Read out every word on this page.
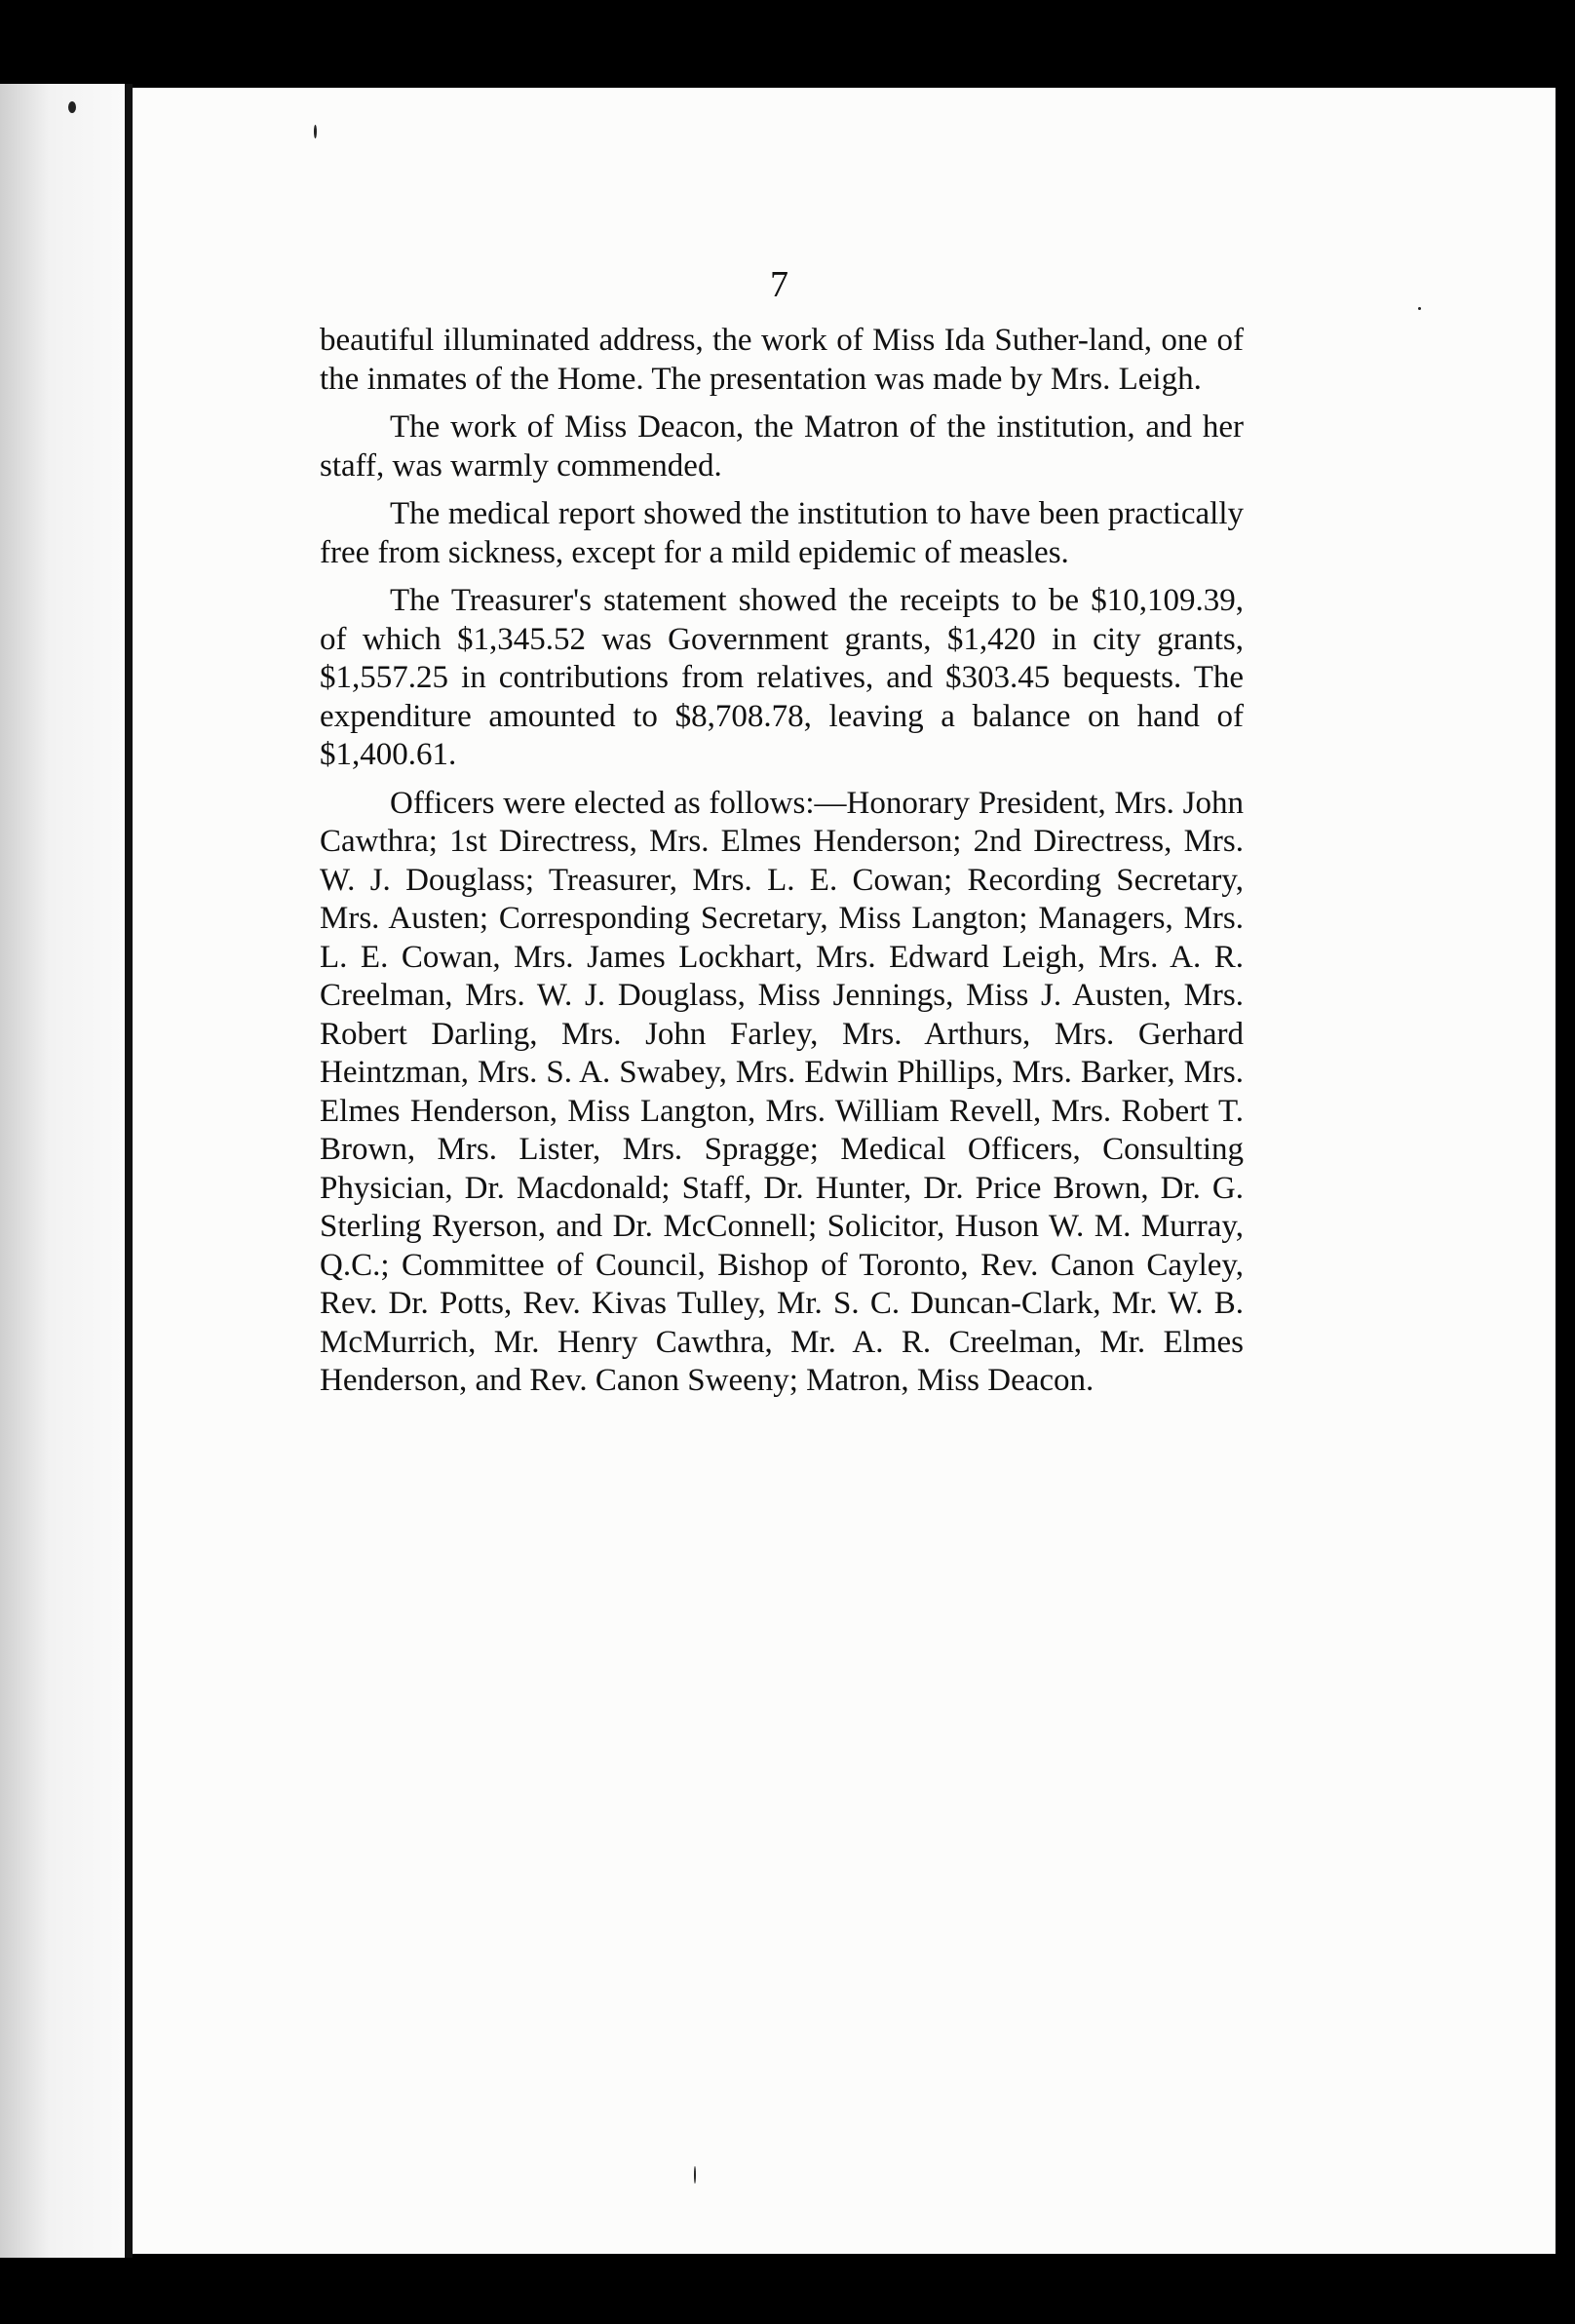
7

beautiful illuminated address, the work of Miss Ida Suther-land, one of the inmates of the Home. The presentation was made by Mrs. Leigh.

The work of Miss Deacon, the Matron of the institution, and her staff, was warmly commended.

The medical report showed the institution to have been practically free from sickness, except for a mild epidemic of measles.

The Treasurer's statement showed the receipts to be $10,109.39, of which $1,345.52 was Government grants, $1,420 in city grants, $1,557.25 in contributions from relatives, and $303.45 bequests. The expenditure amounted to $8,708.78, leaving a balance on hand of $1,400.61.

Officers were elected as follows:—Honorary President, Mrs. John Cawthra; 1st Directress, Mrs. Elmes Henderson; 2nd Directress, Mrs. W. J. Douglass; Treasurer, Mrs. L. E. Cowan; Recording Secretary, Mrs. Austen; Corresponding Secretary, Miss Langton; Managers, Mrs. L. E. Cowan, Mrs. James Lockhart, Mrs. Edward Leigh, Mrs. A. R. Creelman, Mrs. W. J. Douglass, Miss Jennings, Miss J. Austen, Mrs. Robert Darling, Mrs. John Farley, Mrs. Arthurs, Mrs. Gerhard Heintzman, Mrs. S. A. Swabey, Mrs. Edwin Phillips, Mrs. Barker, Mrs. Elmes Henderson, Miss Langton, Mrs. William Revell, Mrs. Robert T. Brown, Mrs. Lister, Mrs. Spragge; Medical Officers, Consulting Physician, Dr. Macdonald; Staff, Dr. Hunter, Dr. Price Brown, Dr. G. Sterling Ryerson, and Dr. McConnell; Solicitor, Huson W. M. Murray, Q.C.; Committee of Council, Bishop of Toronto, Rev. Canon Cayley, Rev. Dr. Potts, Rev. Kivas Tulley, Mr. S. C. Duncan-Clark, Mr. W. B. McMurrich, Mr. Henry Cawthra, Mr. A. R. Creelman, Mr. Elmes Henderson, and Rev. Canon Sweeny; Matron, Miss Deacon.
